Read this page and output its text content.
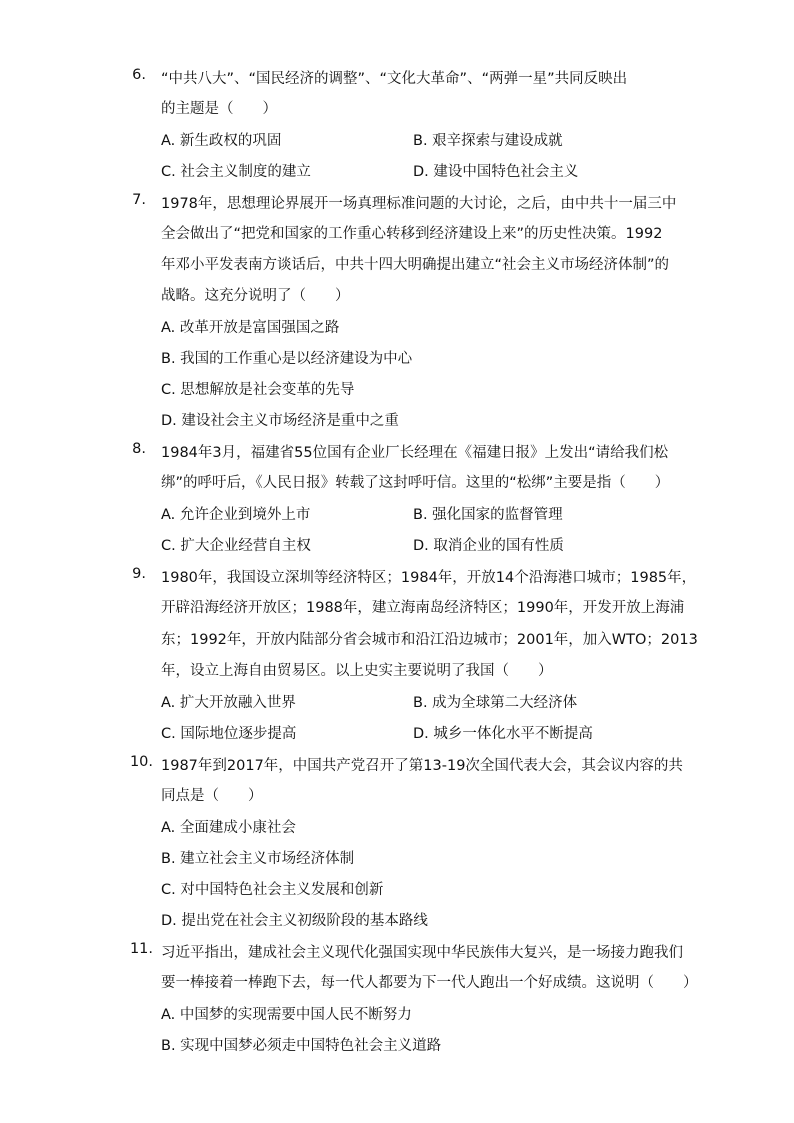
6. “中共八大”、“国民经济的调整”、“文化大革命”、“两弹一星”共同反映出
的主题是（　　）
A. 新生政权的巩固	B. 艰辛探索与建设成就
C. 社会主义制度的建立	D. 建设中国特色社会主义
7. 1978年，思想理论界展开一场真理标准问题的大讨论，之后，由中共十一届三中
全会做出了“把党和国家的工作重心转移到经济建设上来”的历史性决策。1992
年邓小平发表南方谈话后，中共十四大明确提出建立“社会主义市场经济体制”的
战略。这充分说明了（　　）
A. 改革开放是富国强国之路
B. 我国的工作重心是以经济建设为中心
C. 思想解放是社会变革的先导
D. 建设社会主义市场经济是重中之重
8. 1984年3月，福建省55位国有企业厂长经理在《福建日报》上发出“请给我们松
绑”的呼吁后，《人民日报》转载了这封呼吁信。这里的“松绑”主要是指（　　）
A. 允许企业到境外上市	B. 强化国家的监督管理
C. 扩大企业经营自主权	D. 取消企业的国有性质
9. 1980年，我国设立深圳等经济特区；1984年，开放14个沿海港口城市；1985年，
开辟沿海经济开放区；1988年，建立海南岛经济特区；1990年，开发开放上海浦
东；1992年，开放内陆部分省会城市和沿江沿边城市；2001年，加入WTO；2013
年，设立上海自由贸易区。以上史实主要说明了我国（　　）
A. 扩大开放融入世界	B. 成为全球第二大经济体
C. 国际地位逐步提高	D. 城乡一体化水平不断提高
10. 1987年到2017年，中国共产党召开了第13-19次全国代表大会，其会议内容的共
同点是（　　）
A. 全面建成小康社会
B. 建立社会主义市场经济体制
C. 对中国特色社会主义发展和创新
D. 提出党在社会主义初级阶段的基本路线
11. 习近平指出，建成社会主义现代化强国实现中华民族伟大复兴，是一场接力跑我们
要一棒接着一棒跑下去，每一代人都要为下一代人跑出一个好成绩。这说明（　　）
A. 中国梦的实现需要中国人民不断努力
B. 实现中国梦必须走中国特色社会主义道路
